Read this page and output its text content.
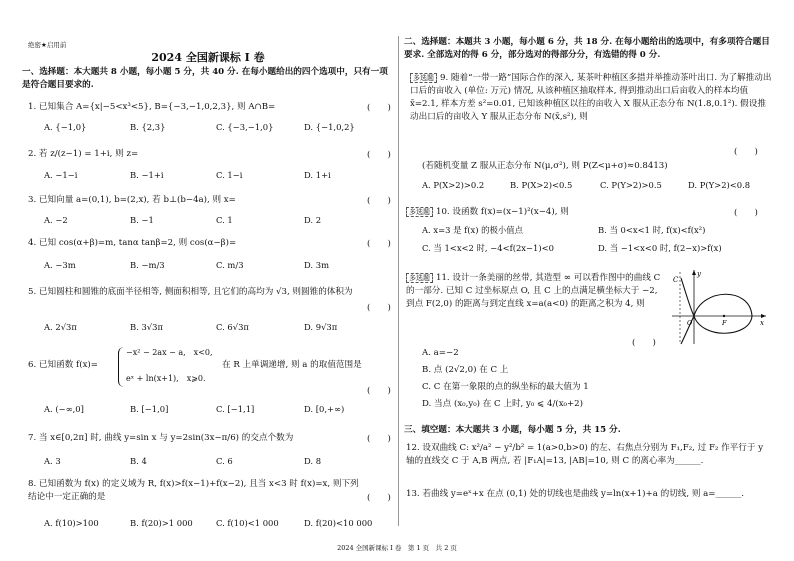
绝密★启用前
2024 全国新课标 I 卷
一、选择题：本大题共 8 小题，每小题 5 分，共 40 分. 在每小题给出的四个选项中，只有一项是符合题目要求的.
1. 已知集合 A={x|−5<x³<5}, B={−3,−1,0,2,3}, 则 A∩B=	(　　)
A. {−1,0}	B. {2,3}	C. {−3,−1,0}	D. {−1,0,2}
2. 若 z/(z−1) = 1+i, 则 z=	(　　)
A. −1−i	B. −1+i	C. 1−i	D. 1+i
3. 已知向量 a=(0,1), b=(2,x), 若 b⊥(b−4a), 则 x=	(　　)
A. −2	B. −1	C. 1	D. 2
4. 已知 cos(α+β)=m, tanα tanβ=2, 则 cos(α−β)=	(　　)
A. −3m	B. −m/3	C. m/3	D. 3m
5. 已知圆柱和圆锥的底面半径相等, 侧面积相等, 且它们的高均为 √3, 则圆锥的体积为
(　　)
A. 2√3π	B. 3√3π	C. 6√3π	D. 9√3π
6. 已知函数 f(x)=
−x² − 2ax − a,　x<0,
eˣ + ln(x+1),　x⩾0.
在 R 上单调递增, 则 a 的取值范围是
(　　)
A. (−∞,0]	B. [−1,0]	C. [−1,1]	D. [0,+∞)
7. 当 x∈[0,2π] 时, 曲线 y=sin x 与 y=2sin(3x−π/6) 的交点个数为	(　　)
A. 3	B. 4	C. 6	D. 8
8. 已知函数为 f(x) 的定义域为 R, f(x)>f(x−1)+f(x−2), 且当 x<3 时 f(x)=x, 则下列结论中一定正确的是	(　　)
A. f(10)>100	B. f(20)>1 000	C. f(10)<1 000	D. f(20)<10 000
二、选择题：本题共 3 小题，每小题 6 分，共 18 分. 在每小题给出的选项中，有多项符合题目要求. 全部选对的得 6 分，部分选对的得部分分，有选错的得 0 分.
多选题 9. 随着“一带一路”国际合作的深入, 某茶叶种植区多措并举推动茶叶出口. 为了解推动出口后的亩收入 (单位: 万元) 情况, 从该种植区抽取样本, 得到推动出口后亩收入的样本均值 x̄=2.1, 样本方差 s²=0.01, 已知该种植区以往的亩收入 X 服从正态分布 N(1.8,0.1²). 假设推动出口后的亩收入 Y 服从正态分布 N(x̄,s²), 则
(　　)
(若随机变量 Z 服从正态分布 N(μ,σ²), 则 P(Z<μ+σ)≈0.8413)
A. P(X>2)>0.2	B. P(X>2)<0.5	C. P(Y>2)>0.5	D. P(Y>2)<0.8
多选题 10. 设函数 f(x)=(x−1)²(x−4), 则	(　　)
A. x=3 是 f(x) 的极小值点	B. 当 0<x<1 时, f(x)<f(x²)
C. 当 1<x<2 时, −4<f(2x−1)<0	D. 当 −1<x<0 时, f(2−x)>f(x)
多选题 11. 设计一条美丽的丝带, 其造型 ∞ 可以看作图中的曲线 C 的一部分. 已知 C 过坐标原点 O, 且 C 上的点满足横坐标大于 −2, 到点 F(2,0) 的距离与到定直线 x=a(a<0) 的距离之积为 4, 则
(　　)
A. a=−2
B. 点 (2√2,0) 在 C 上
C. C 在第一象限的点的纵坐标的最大值为 1
D. 当点 (x₀,y₀) 在 C 上时, y₀ ⩽ 4/(x₀+2)
C
y
O	F	x
三、填空题：本大题共 3 小题，每小题 5 分，共 15 分.
12. 设双曲线 C: x²/a² − y²/b² = 1(a>0,b>0) 的左、右焦点分别为 F₁,F₂, 过 F₂ 作平行于 y 轴的直线交 C 于 A,B 两点, 若 |F₁A|=13, |AB|=10, 则 C 的离心率为______.
13. 若曲线 y=eˣ+x 在点 (0,1) 处的切线也是曲线 y=ln(x+1)+a 的切线, 则 a=______.
2024 全国新课标 I 卷　第 1 页　共 2 页
